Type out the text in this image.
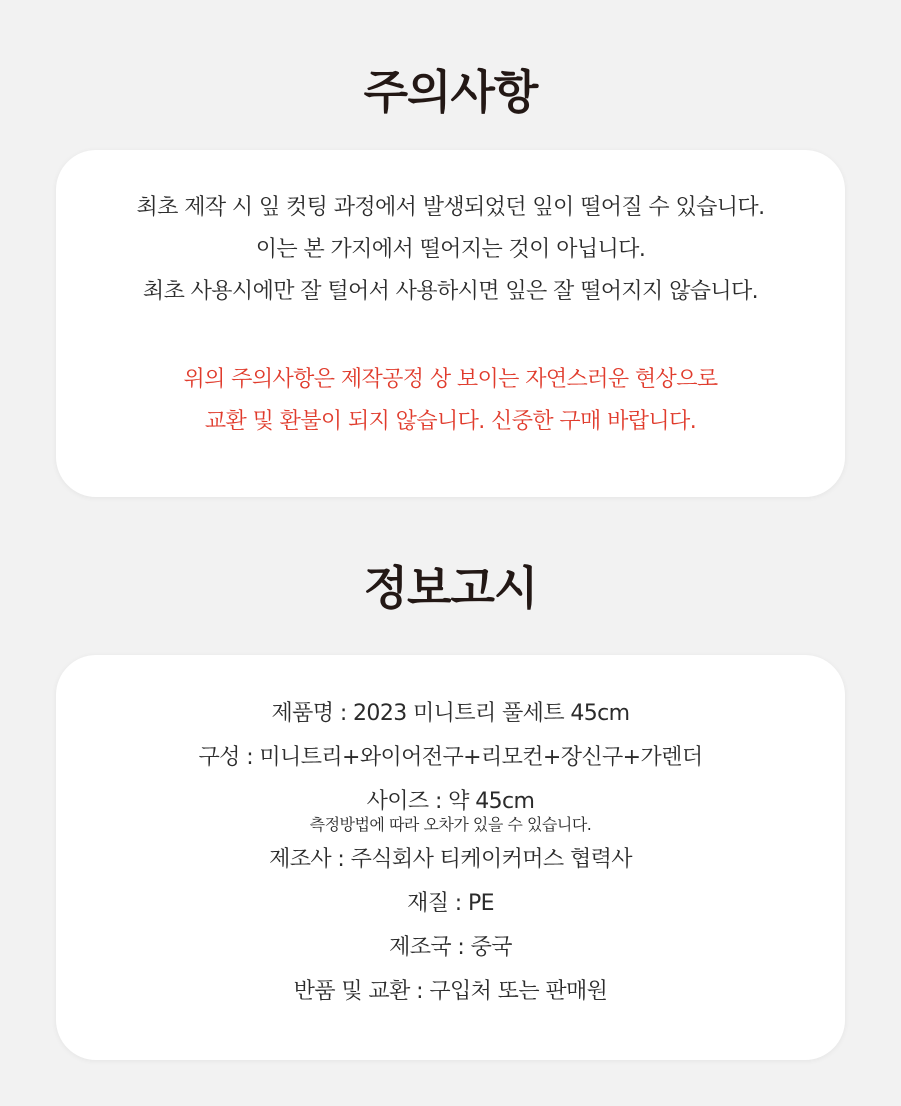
주의사항
최초 제작 시 잎 컷팅 과정에서 발생되었던 잎이 떨어질 수 있습니다.
이는 본 가지에서 떨어지는 것이 아닙니다.
최초 사용시에만 잘 털어서 사용하시면 잎은 잘 떨어지지 않습니다.
위의 주의사항은 제작공정 상 보이는 자연스러운 현상으로
교환 및 환불이 되지 않습니다. 신중한 구매 바랍니다.
정보고시
제품명 : 2023 미니트리 풀세트 45cm
구성 : 미니트리+와이어전구+리모컨+장신구+가렌더
사이즈 : 약 45cm
측정방법에 따라 오차가 있을 수 있습니다.
제조사 : 주식회사 티케이커머스 협력사
재질 : PE
제조국 : 중국
반품 및 교환 : 구입처 또는 판매원
